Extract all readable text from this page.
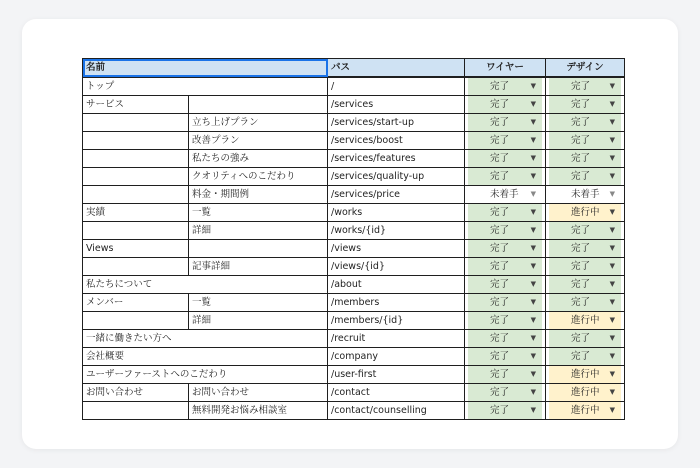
名前		パス	ワイヤー	デザイン
トップ		/	完了 ▼	完了 ▼

サービス		/services	完了 ▼	完了 ▼

	立ち上げプラン	/services/start-up	完了 ▼	完了 ▼

	改善プラン	/services/boost	完了 ▼	完了 ▼

	私たちの強み	/services/features	完了 ▼	完了 ▼

	クオリティへのこだわり	/services/quality-up	完了 ▼	完了 ▼

	料金・期間例	/services/price	未着手 ▼	未着手 ▼

実績	一覧	/works	完了 ▼	進行中 ▼

	詳細	/works/{id}	完了 ▼	完了 ▼

Views		/views	完了 ▼	完了 ▼

	記事詳細	/views/{id}	完了 ▼	完了 ▼

私たちについて		/about	完了 ▼	完了 ▼

メンバー	一覧	/members	完了 ▼	完了 ▼

	詳細	/members/{id}	完了 ▼	進行中 ▼

一緒に働きたい方へ		/recruit	完了 ▼	完了 ▼

会社概要		/company	完了 ▼	完了 ▼

ユーザーファーストへのこだわり		/user-first	完了 ▼	進行中 ▼

お問い合わせ	お問い合わせ	/contact	完了 ▼	進行中 ▼

	無料開発お悩み相談室	/contact/counselling	完了 ▼	進行中 ▼
